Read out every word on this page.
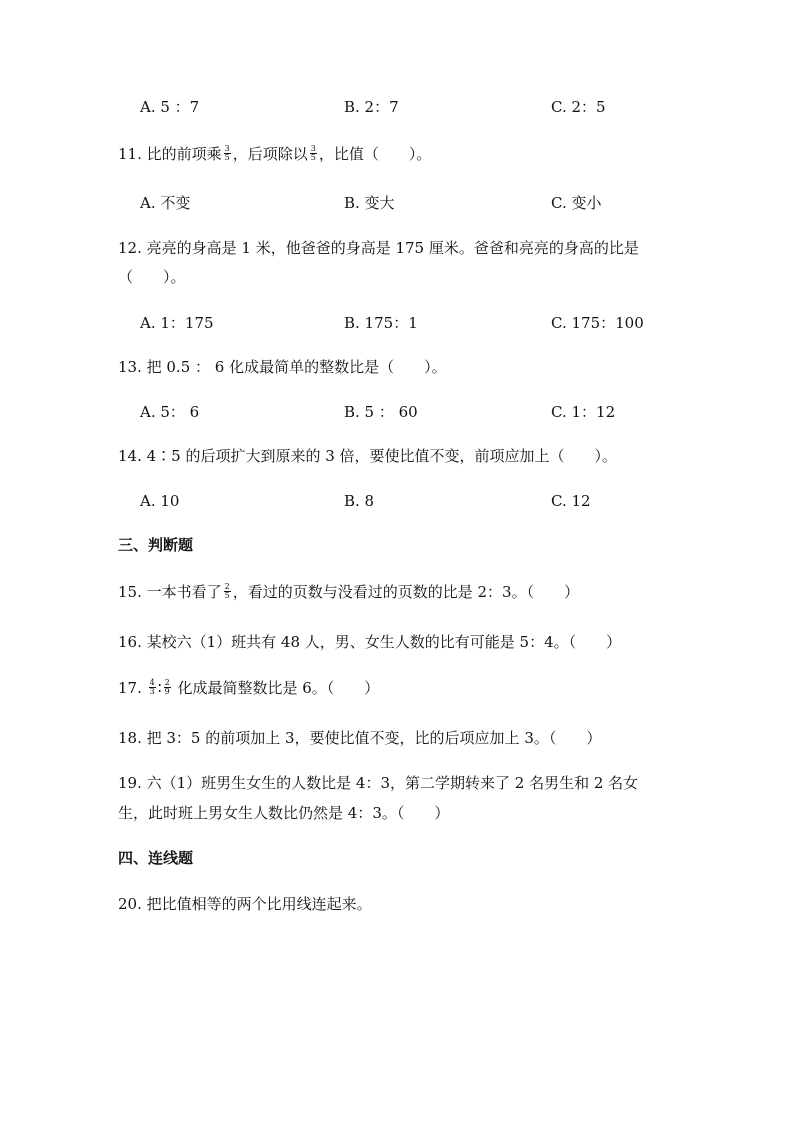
A. 5 ：7	B. 2：7	C. 2：5
11. 比的前项乘 $\frac{3}{5}$ ，后项除以 $\frac{3}{5}$ ，比值（　　）。
A. 不变	B. 变大	C. 变小
12. 亮亮的身高是 1 米，他爸爸的身高是 175 厘米。爸爸和亮亮的身高的比是
（　　）。
A. 1：175	B. 175：1	C. 175：100
13. 把 0.5 ： 6 化成最简单的整数比是（　　）。
A. 5： 6	B. 5 ： 60	C. 1：12
14. 4∶5 的后项扩大到原来的 3 倍，要使比值不变，前项应加上（　　）。
A. 10	B. 8	C. 12
三、判断题
15. 一本书看了 $\frac{2}{5}$ ，看过的页数与没看过的页数的比是 2：3。（　　）
16. 某校六（1）班共有 48 人，男、女生人数的比有可能是 5：4。（　　）
17. $\frac{4}{3}$ ∶ $\frac{2}{9}$ 化成最简整数比是 6。（　　）
18. 把 3：5 的前项加上 3，要使比值不变，比的后项应加上 3。（　　）
19. 六（1）班男生女生的人数比是 4：3，第二学期转来了 2 名男生和 2 名女
生，此时班上男女生人数比仍然是 4：3。（　　）
四、连线题
20. 把比值相等的两个比用线连起来。
